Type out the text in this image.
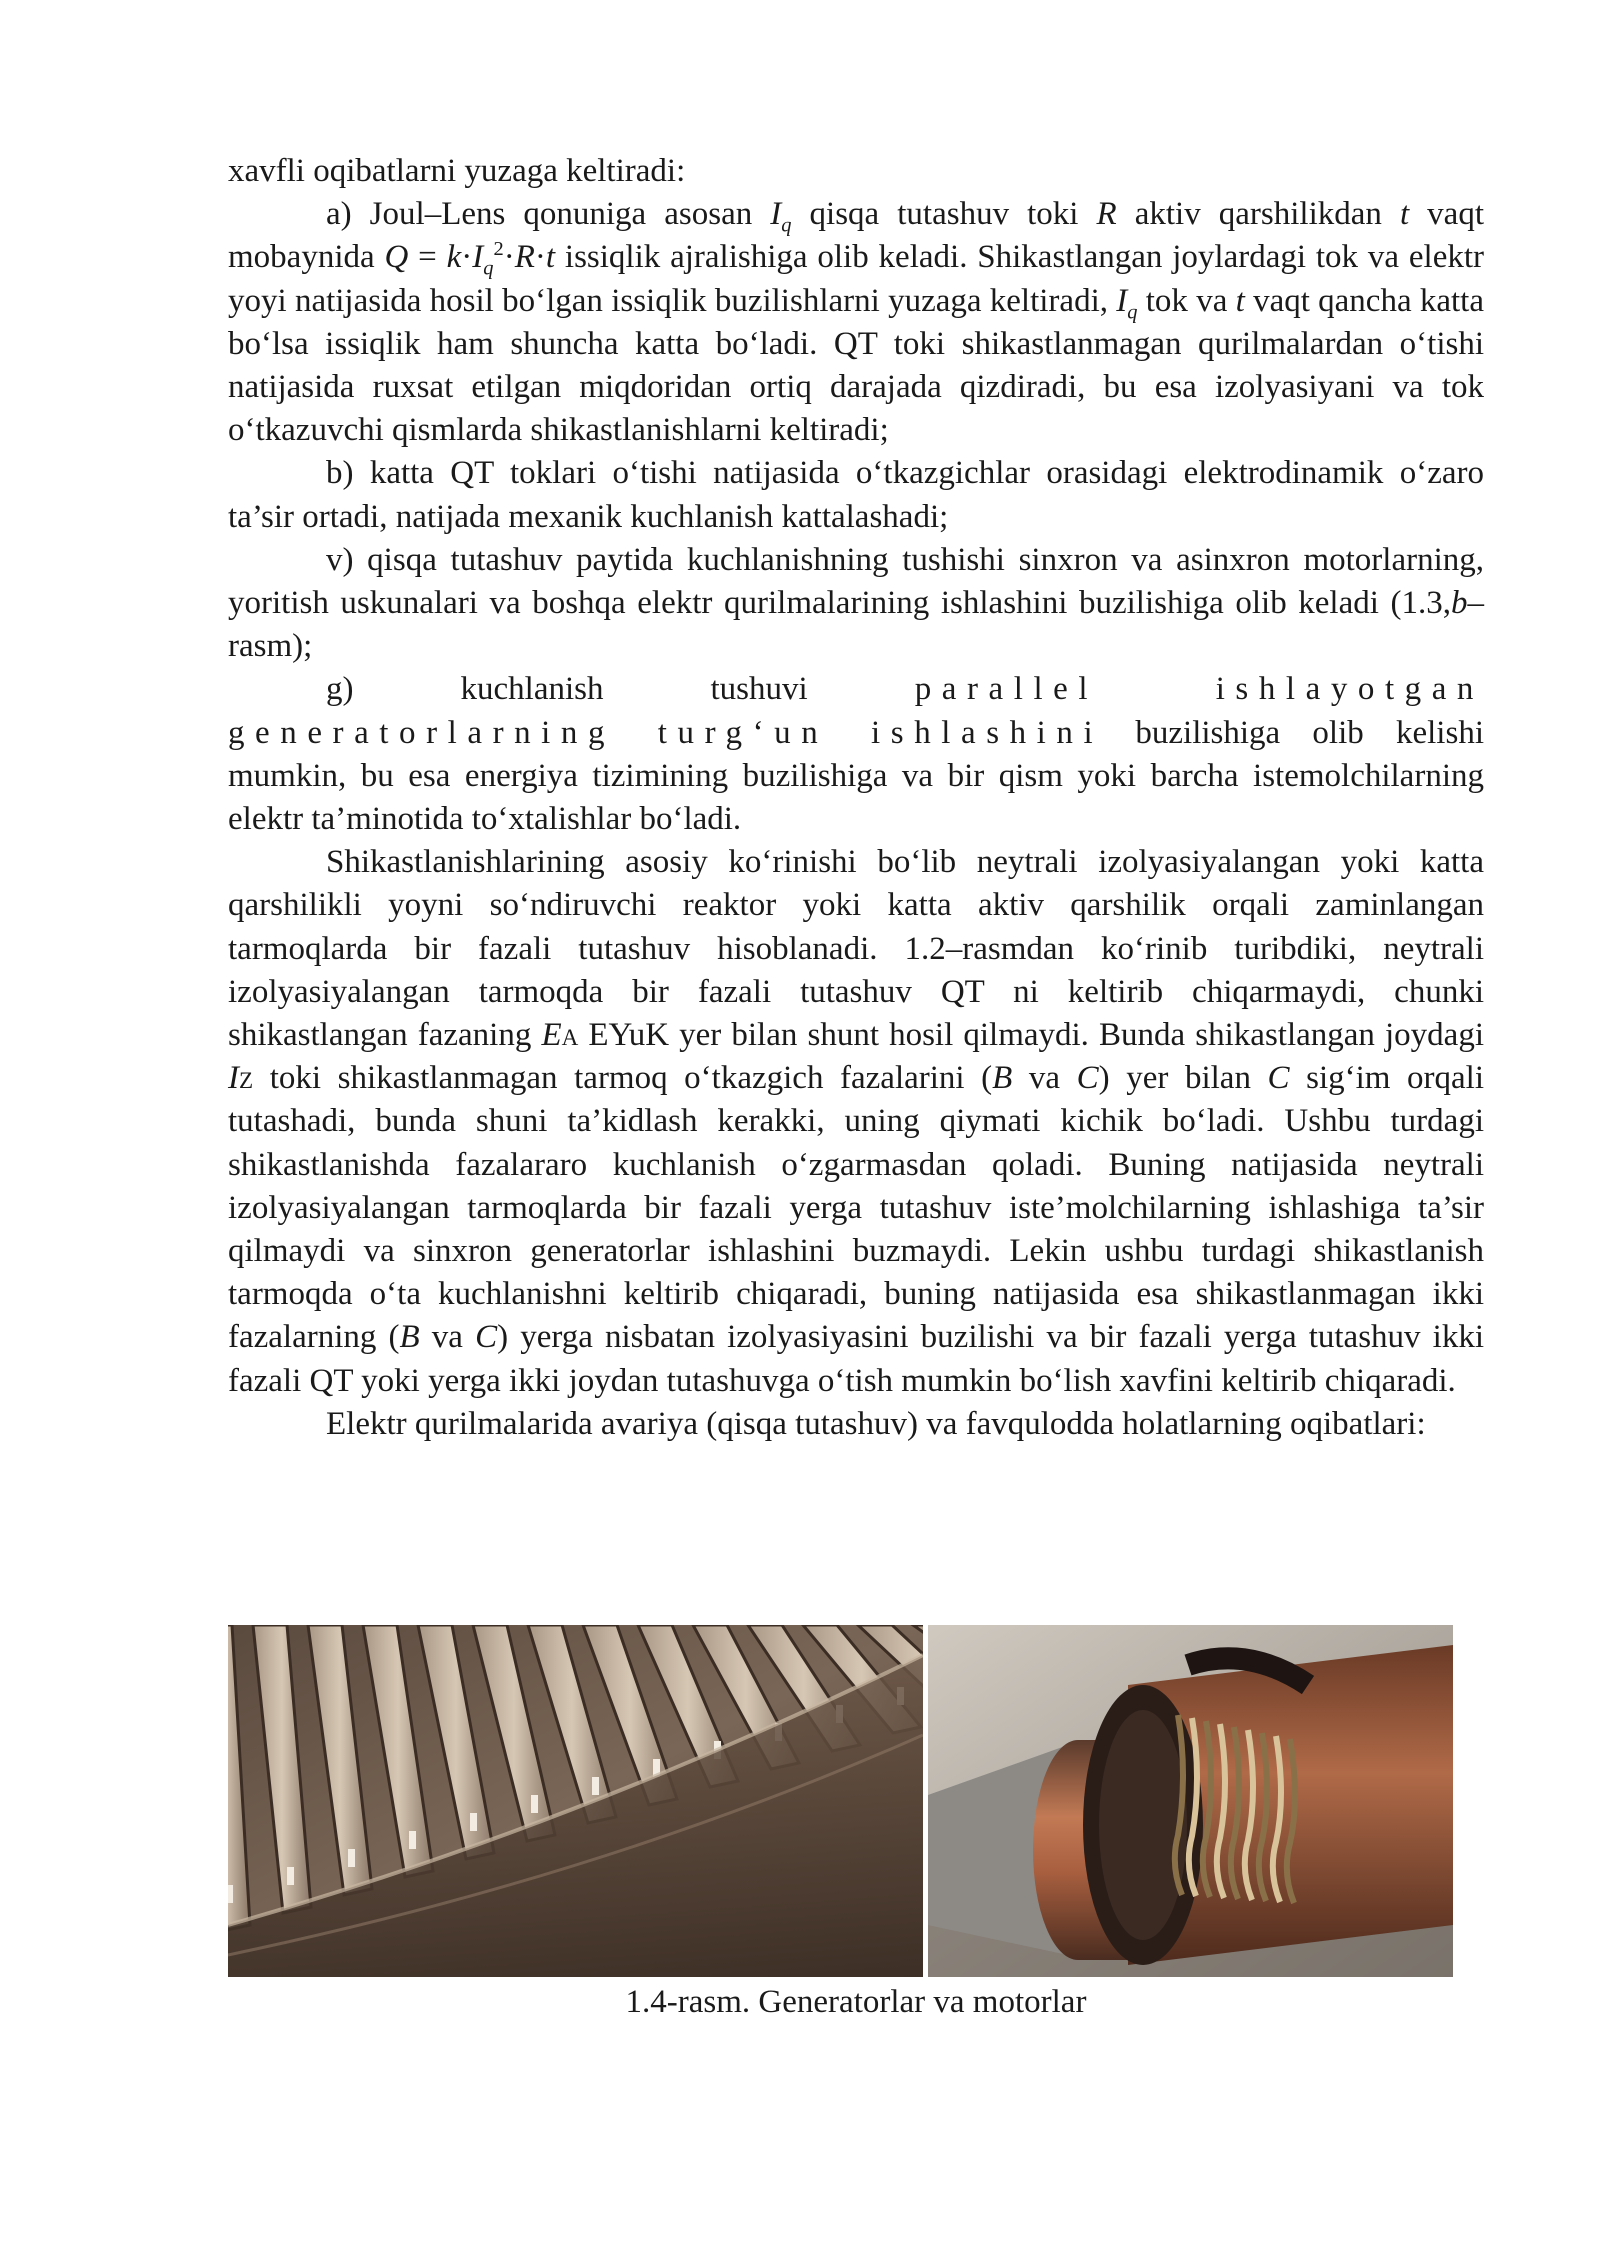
xavfli oqibatlarni yuzaga keltiradi:

a) Joul–Lens qonuniga asosan $I_q$ qisqa tutashuv toki R aktiv qarshilikdan t vaqt mobaynida $Q = k\cdot I_q^2\cdot R\cdot t$ issiqlik ajralishiga olib keladi. Shikastlangan joylardagi tok va elektr yoyi natijasida hosil bo‘lgan issiqlik buzilishlarni yuzaga keltiradi, $I_q$ tok va t vaqt qancha katta bo‘lsa issiqlik ham shuncha katta bo‘ladi. QT toki shikastlanmagan qurilmalardan o‘tishi natijasida ruxsat etilgan miqdoridan ortiq darajada qizdiradi, bu esa izolyasiyani va tok o‘tkazuvchi qismlarda shikastlanishlarni keltiradi;

b) katta QT toklari o‘tishi natijasida o‘tkazgichlar orasidagi elektrodinamik o‘zaro ta’sir ortadi, natijada mexanik kuchlanish kattalashadi;

v) qisqa tutashuv paytida kuchlanishning tushishi sinxron va asinxron motorlarning, yoritish uskunalari va boshqa elektr qurilmalarining ishlashini buzilishiga olib keladi (1.3,b–rasm);

g) kuchlanish tushuvi parallel ishlayotgan generatorlarning turg‘un ishlashini buzilishiga olib kelishi mumkin, bu esa energiya tizimining buzilishiga va bir qism yoki barcha istemolchilarning elektr ta’minotida to‘xtalishlar bo‘ladi.

Shikastlanishlarining asosiy ko‘rinishi bo‘lib neytrali izolyasiyalangan yoki katta qarshilikli yoyni so‘ndiruvchi reaktor yoki katta aktiv qarshilik orqali zaminlangan tarmoqlarda bir fazali tutashuv hisoblanadi. 1.2–rasmdan ko‘rinib turibdiki, neytrali izolyasiyalangan tarmoqda bir fazali tutashuv QT ni keltirib chiqarmaydi, chunki shikastlangan fazaning EA EYuK yer bilan shunt hosil qilmaydi. Bunda shikastlangan joydagi IZ toki shikastlanmagan tarmoq o‘tkazgich fazalarini (B va C) yer bilan C sig‘im orqali tutashadi, bunda shuni ta’kidlash kerakki, uning qiymati kichik bo‘ladi. Ushbu turdagi shikastlanishda fazalararo kuchlanish o‘zgarmasdan qoladi. Buning natijasida neytrali izolyasiyalangan tarmoqlarda bir fazali yerga tutashuv iste’molchilarning ishlashiga ta’sir qilmaydi va sinxron generatorlar ishlashini buzmaydi. Lekin ushbu turdagi shikastlanish tarmoqda o‘ta kuchlanishni keltirib chiqaradi, buning natijasida esa shikastlanmagan ikki fazalarning (B va C) yerga nisbatan izolyasiyasini buzilishi va bir fazali yerga tutashuv ikki fazali QT yoki yerga ikki joydan tutashuvga o‘tish mumkin bo‘lish xavfini keltirib chiqaradi.

Elektr qurilmalarida avariya (qisqa tutashuv) va favqulodda holatlarning oqibatlari:

1.4-rasm. Generatorlar va motorlar
